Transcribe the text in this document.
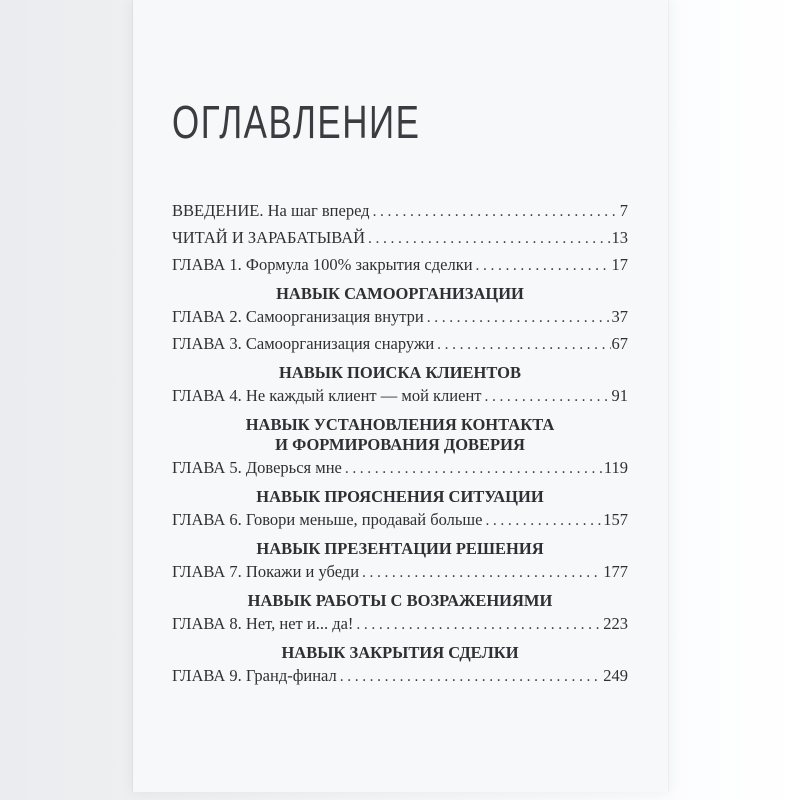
ОГЛАВЛЕНИЕ
ВВЕДЕНИЕ. На шаг вперед .....	7
ЧИТАЙ И ЗАРАБАТЫВАЙ .....	13
ГЛАВА 1. Формула 100% закрытия сделки .....	17
НАВЫК САМООРГАНИЗАЦИИ
ГЛАВА 2. Самоорганизация внутри .....	37
ГЛАВА 3. Самоорганизация снаружи .....	67
НАВЫК ПОИСКА КЛИЕНТОВ
ГЛАВА 4. Не каждый клиент — мой клиент .....	91
НАВЫК УСТАНОВЛЕНИЯ КОНТАКТА
И ФОРМИРОВАНИЯ ДОВЕРИЯ
ГЛАВА 5. Доверься мне .....	119
НАВЫК ПРОЯСНЕНИЯ СИТУАЦИИ
ГЛАВА 6. Говори меньше, продавай больше .....	157
НАВЫК ПРЕЗЕНТАЦИИ РЕШЕНИЯ
ГЛАВА 7. Покажи и убеди .....	177
НАВЫК РАБОТЫ С ВОЗРАЖЕНИЯМИ
ГЛАВА 8. Нет, нет и... да! .....	223
НАВЫК ЗАКРЫТИЯ СДЕЛКИ
ГЛАВА 9. Гранд-финал .....	249
